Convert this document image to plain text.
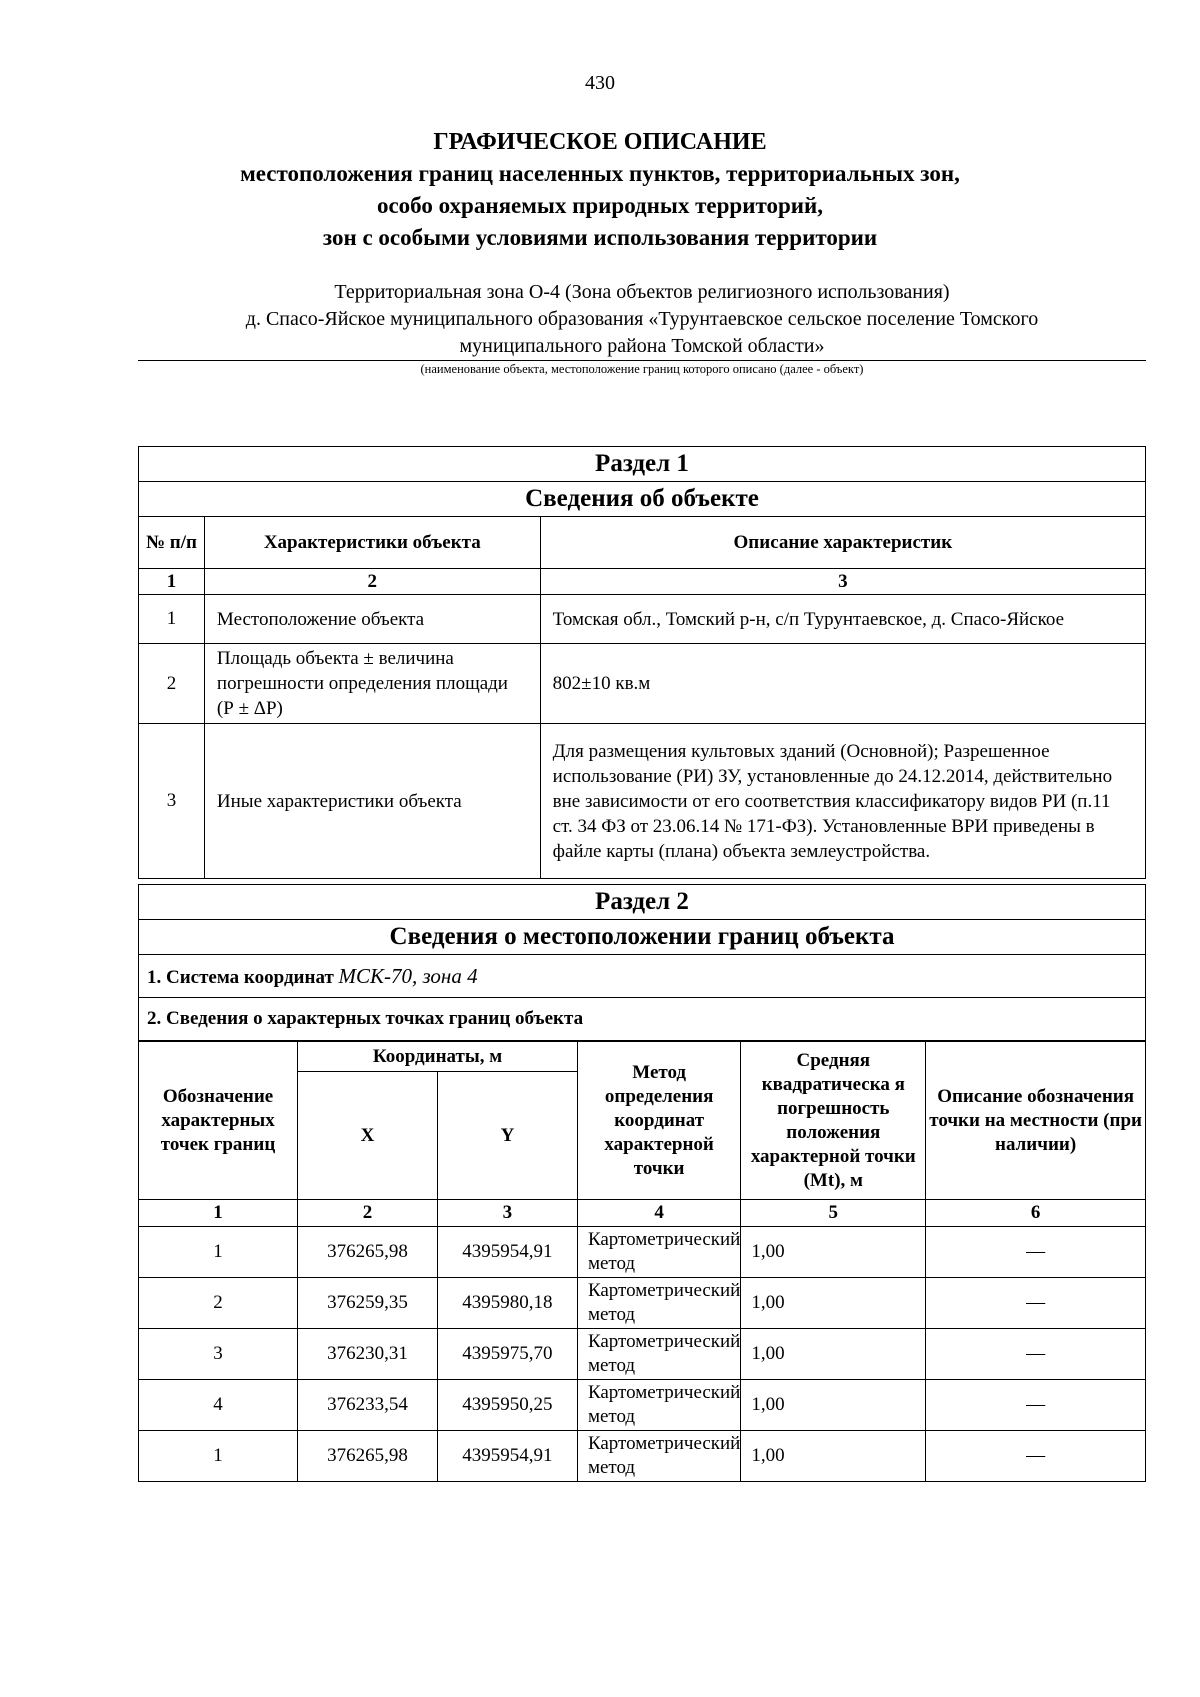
430
ГРАФИЧЕСКОЕ ОПИСАНИЕ
местоположения границ населенных пунктов, территориальных зон,
особо охраняемых природных территорий,
зон с особыми условиями использования территории
Территориальная зона О-4 (Зона объектов религиозного использования)
д. Спасо-Яйское муниципального образования «Турунтаевское сельское поселение Томского
муниципального района Томской области»
(наименование объекта, местоположение границ которого описано (далее - объект)
Раздел 1		
Сведения об объекте		
№ п/п	Характеристики объекта	Описание характеристик
1	2	3
1	Местоположение объекта	Томская обл., Томский р-н, с/п Турунтаевское, д. Спасо-Яйское
2	Площадь объекта ± величина погрешности определения площади (Р ± ΔР)	802±10 кв.м
3	Иные характеристики объекта	Для размещения культовых зданий (Основной); Разрешенное использование (РИ) ЗУ, установленные до 24.12.2014, действительно вне зависимости от его соответствия классификатору видов РИ (п.11 ст. 34 ФЗ от 23.06.14 № 171-ФЗ). Установленные ВРИ приведены в файле карты (плана) объекта землеустройства.
Раздел 2
Сведения о местоположении границ объекта
1. Система координат МСК-70, зона 4
2. Сведения о характерных точках границ объекта
Обозначение характерных точек границ	Координаты, м		Метод определения координат характерной точки	Средняя квадратическа я погрешность положения характерной точки (Mt), м	Описание обозначения точки на местности (при наличии)
	X	Y			
1	2	3	4	5	6
1	376265,98	4395954,91	Картометрический метод	1,00	—
2	376259,35	4395980,18	Картометрический метод	1,00	—
3	376230,31	4395975,70	Картометрический метод	1,00	—
4	376233,54	4395950,25	Картометрический метод	1,00	—
1	376265,98	4395954,91	Картометрический метод	1,00	—
